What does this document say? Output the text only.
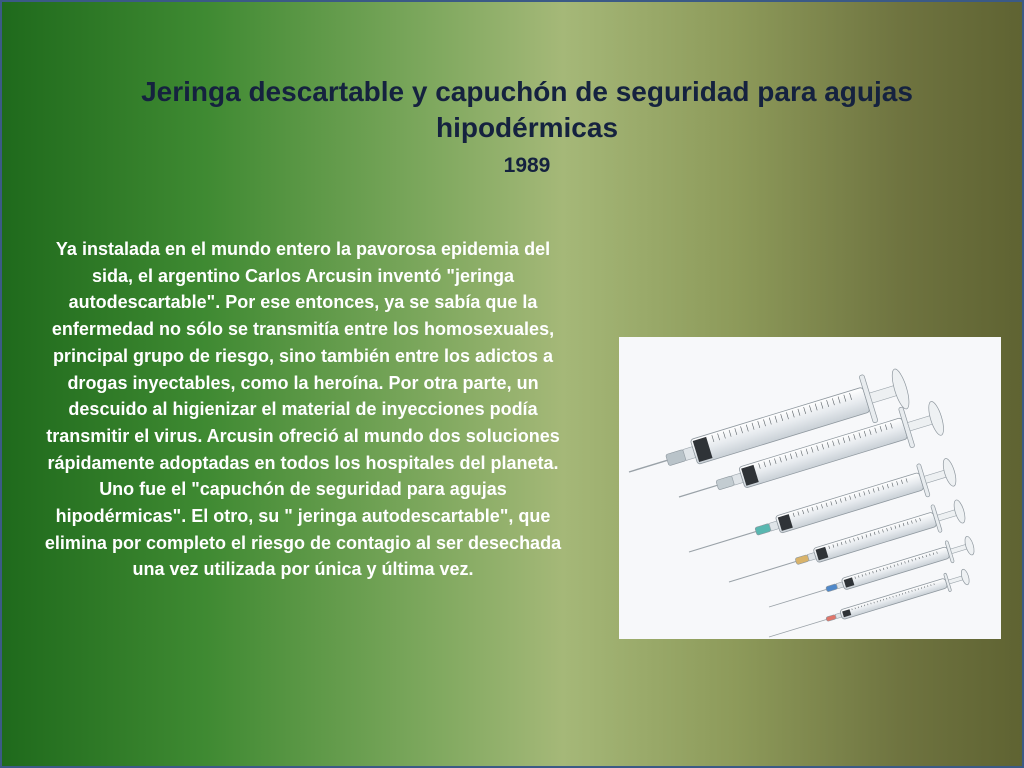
Jeringa descartable y capuchón de seguridad para agujas hipodérmicas
1989
Ya instalada en el mundo entero la pavorosa epidemia del sida, el argentino Carlos Arcusin inventó "jeringa autodescartable". Por ese entonces, ya se sabía que la enfermedad no sólo se transmitía entre los homosexuales, principal grupo de riesgo, sino también entre los adictos a drogas inyectables, como la heroína. Por otra parte, un descuido al higienizar el material de inyecciones podía transmitir el virus. Arcusin ofreció al mundo dos soluciones rápidamente adoptadas en todos los hospitales del planeta. Uno fue el "capuchón de seguridad para agujas hipodérmicas". El otro, su " jeringa autodescartable", que elimina por completo el riesgo de contagio al ser desechada una vez utilizada por única y última vez.
